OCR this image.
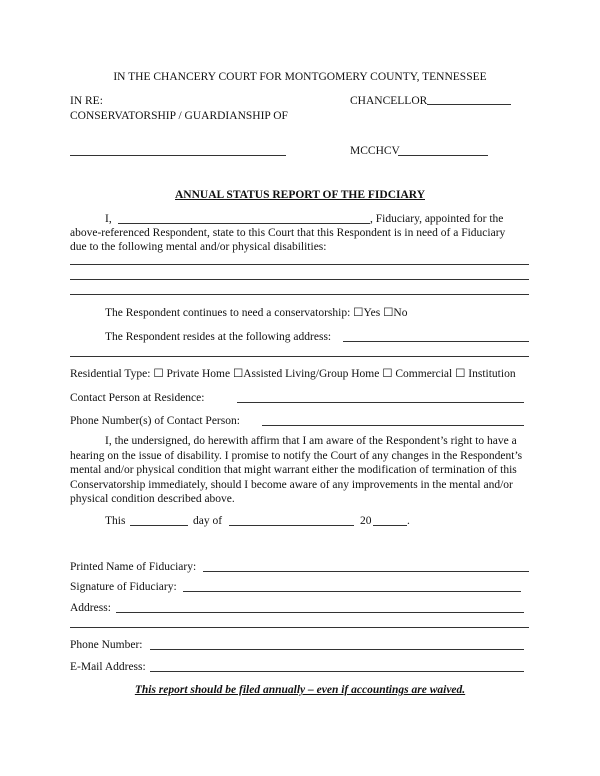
IN THE CHANCERY COURT FOR MONTGOMERY COUNTY, TENNESSEE
IN RE:
CONSERVATORSHIP / GUARDIANSHIP OF
CHANCELLOR
MCCHCV
ANNUAL STATUS REPORT OF THE FIDCIARY
I,	, Fiduciary, appointed for the
above-referenced Respondent, state to this Court that this Respondent is in need of a Fiduciary
due to the following mental and/or physical disabilities:
The Respondent continues to need a conservatorship: ☐Yes ☐No
The Respondent resides at the following address:
Residential Type: ☐ Private Home ☐Assisted Living/Group Home ☐ Commercial ☐ Institution
Contact Person at Residence:
Phone Number(s) of Contact Person:
I, the undersigned, do herewith affirm that I am aware of the Respondent’s right to have a hearing on the issue of disability. I promise to notify the Court of any changes in the Respondent’s mental and/or physical condition that might warrant either the modification of termination of this Conservatorship immediately, should I become aware of any improvements in the mental and/or physical condition described above.
This	day of	20	.
Printed Name of Fiduciary:
Signature of Fiduciary:
Address:
Phone Number:
E-Mail Address:
This report should be filed annually – even if accountings are waived.
